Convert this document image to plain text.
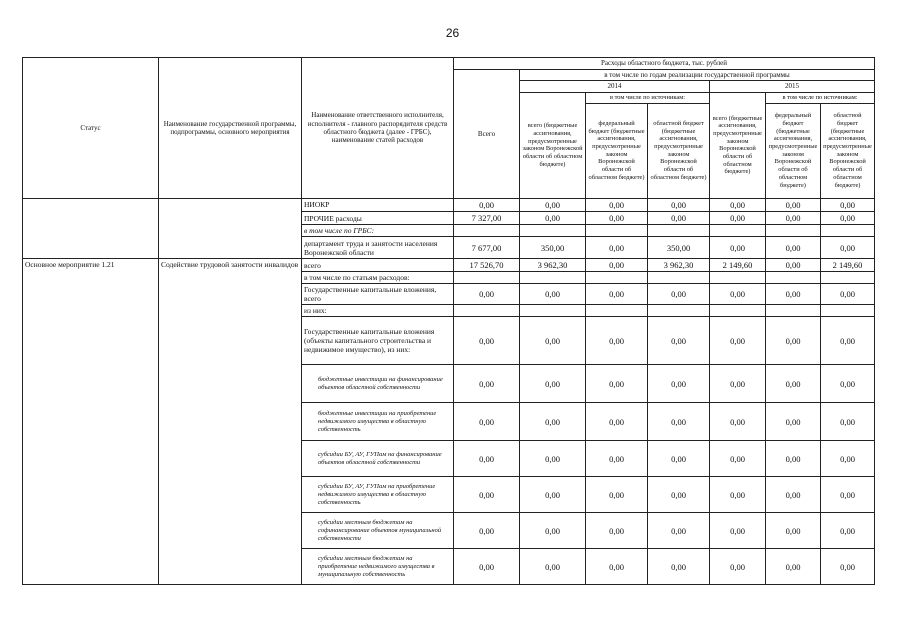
26
Статус	Наименование государственной программы, подпрограммы, основного мероприятия	Наименование ответственного исполнителя, исполнителя - главного распорядителя средств областного бюджета (далее - ГРБС), наименование статей расходов	Расходы областного бюджета, тыс. рублей						
			Всего	в том числе по годам реализации государственной программы					
				2014			2015		
				всего (бюджетные ассигнования, предусмотренные законом Воронежской области об областном бюджете)	в том числе по источникам:		всего (бюджетные ассигнования, предусмотренные законом Воронежской области об областном бюджете)	в том числе по источникам:	
					федеральный бюджет (бюджетные ассигнования, предусмотренные законом Воронежской области об областном бюджете)	областной бюджет (бюджетные ассигнования, предусмотренные законом Воронежской области об областном бюджете)		федеральный бюджет (бюджетные ассигнования, предусмотренные законом Воронежской области об областном бюджете)	областной бюджет (бюджетные ассигнования, предусмотренные законом Воронежской области об областном бюджете)
		НИОКР	0,00	0,00	0,00	0,00	0,00	0,00	0,00
		ПРОЧИЕ расходы	7 327,00	0,00	0,00	0,00	0,00	0,00	0,00
		в том числе по ГРБС:							
		департамент труда и занятости населения Воронежской области	7 677,00	350,00	0,00	350,00	0,00	0,00	0,00
Основное мероприятие 1.21	Содействие трудовой занятости инвалидов	всего	17 526,70	3 962,30	0,00	3 962,30	2 149,60	0,00	2 149,60
		в том числе по статьям расходов:							
		Государственные капитальные вложения, всего	0,00	0,00	0,00	0,00	0,00	0,00	0,00
		из них:							
		Государственные капитальные вложения (объекты капитального строительства и недвижимое имущество), из них:	0,00	0,00	0,00	0,00	0,00	0,00	0,00
		бюджетные инвестиции на финансирование объектов областной собственности	0,00	0,00	0,00	0,00	0,00	0,00	0,00
		бюджетные инвестиции на приобретение недвижимого имущества в областную собственность	0,00	0,00	0,00	0,00	0,00	0,00	0,00
		субсидии БУ, АУ, ГУПам на финансирование объектов областной собственности	0,00	0,00	0,00	0,00	0,00	0,00	0,00
		субсидии БУ, АУ, ГУПам на приобретение недвижимого имущества в областную собственность	0,00	0,00	0,00	0,00	0,00	0,00	0,00
		субсидии местным бюджетам на софинансирование объектов муниципальной собственности	0,00	0,00	0,00	0,00	0,00	0,00	0,00
		субсидии местным бюджетам на приобретение недвижимого имущества в муниципальную собственность	0,00	0,00	0,00	0,00	0,00	0,00	0,00
